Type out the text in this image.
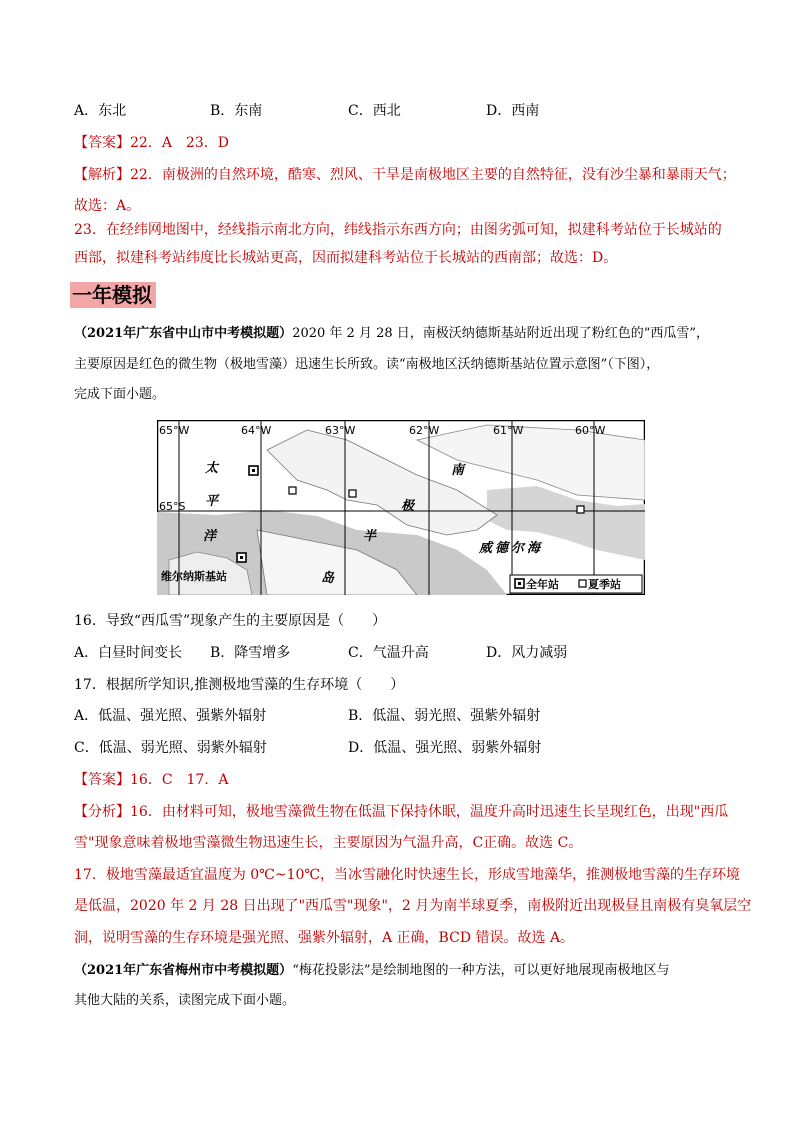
A．东北	B．东南	C．西北	D．西南
【答案】22．A　23．D
【解析】22．南极洲的自然环境，酷寒、烈风、干旱是南极地区主要的自然特征，没有沙尘暴和暴雨天气；
故选：A。
23．在经纬网地图中，经线指示南北方向，纬线指示东西方向；由图劣弧可知，拟建科考站位于长城站的
西部，拟建科考站纬度比长城站更高，因而拟建科考站位于长城站的西南部；故选：D。
一年模拟
（2021年广东省中山市中考模拟题）2020 年 2 月 28 日，南极沃纳德斯基站附近出现了粉红色的“西瓜雪”，
主要原因是红色的微生物（极地雪藻）迅速生长所致。读“南极地区沃纳德斯基站位置示意图”（下图），
完成下面小题。
65°W	64°W	63°W	62°W	61°W	60°W
65°S
太
平
洋
南
极
半
岛
威德尔海
维尔纳斯基站
全年站	夏季站
16．导致“西瓜雪”现象产生的主要原因是（　　）
A．白昼时间变长 B．降雪增多	C．气温升高	D．风力减弱
17．根据所学知识,推测极地雪藻的生存环境（　　）
A．低温、强光照、强紫外辐射	B．低温、弱光照、强紫外辐射
C．低温、弱光照、弱紫外辐射	D．低温、强光照、弱紫外辐射
【答案】16．C　17．A
【分析】16．由材料可知，极地雪藻微生物在低温下保持休眠，温度升高时迅速生长呈现红色，出现"西瓜
雪"现象意味着极地雪藻微生物迅速生长，主要原因为气温升高，C正确。故选 C。
17．极地雪藻最适宜温度为 0℃~10℃，当冰雪融化时快速生长，形成雪地藻华，推测极地雪藻的生存环境
是低温，2020 年 2 月 28 日出现了"西瓜雪"现象"，2 月为南半球夏季，南极附近出现极昼且南极有臭氧层空
洞，说明雪藻的生存环境是强光照、强紫外辐射，A 正确，BCD 错误。故选 A。
（2021年广东省梅州市中考模拟题）“梅花投影法”是绘制地图的一种方法，可以更好地展现南极地区与
其他大陆的关系，读图完成下面小题。
